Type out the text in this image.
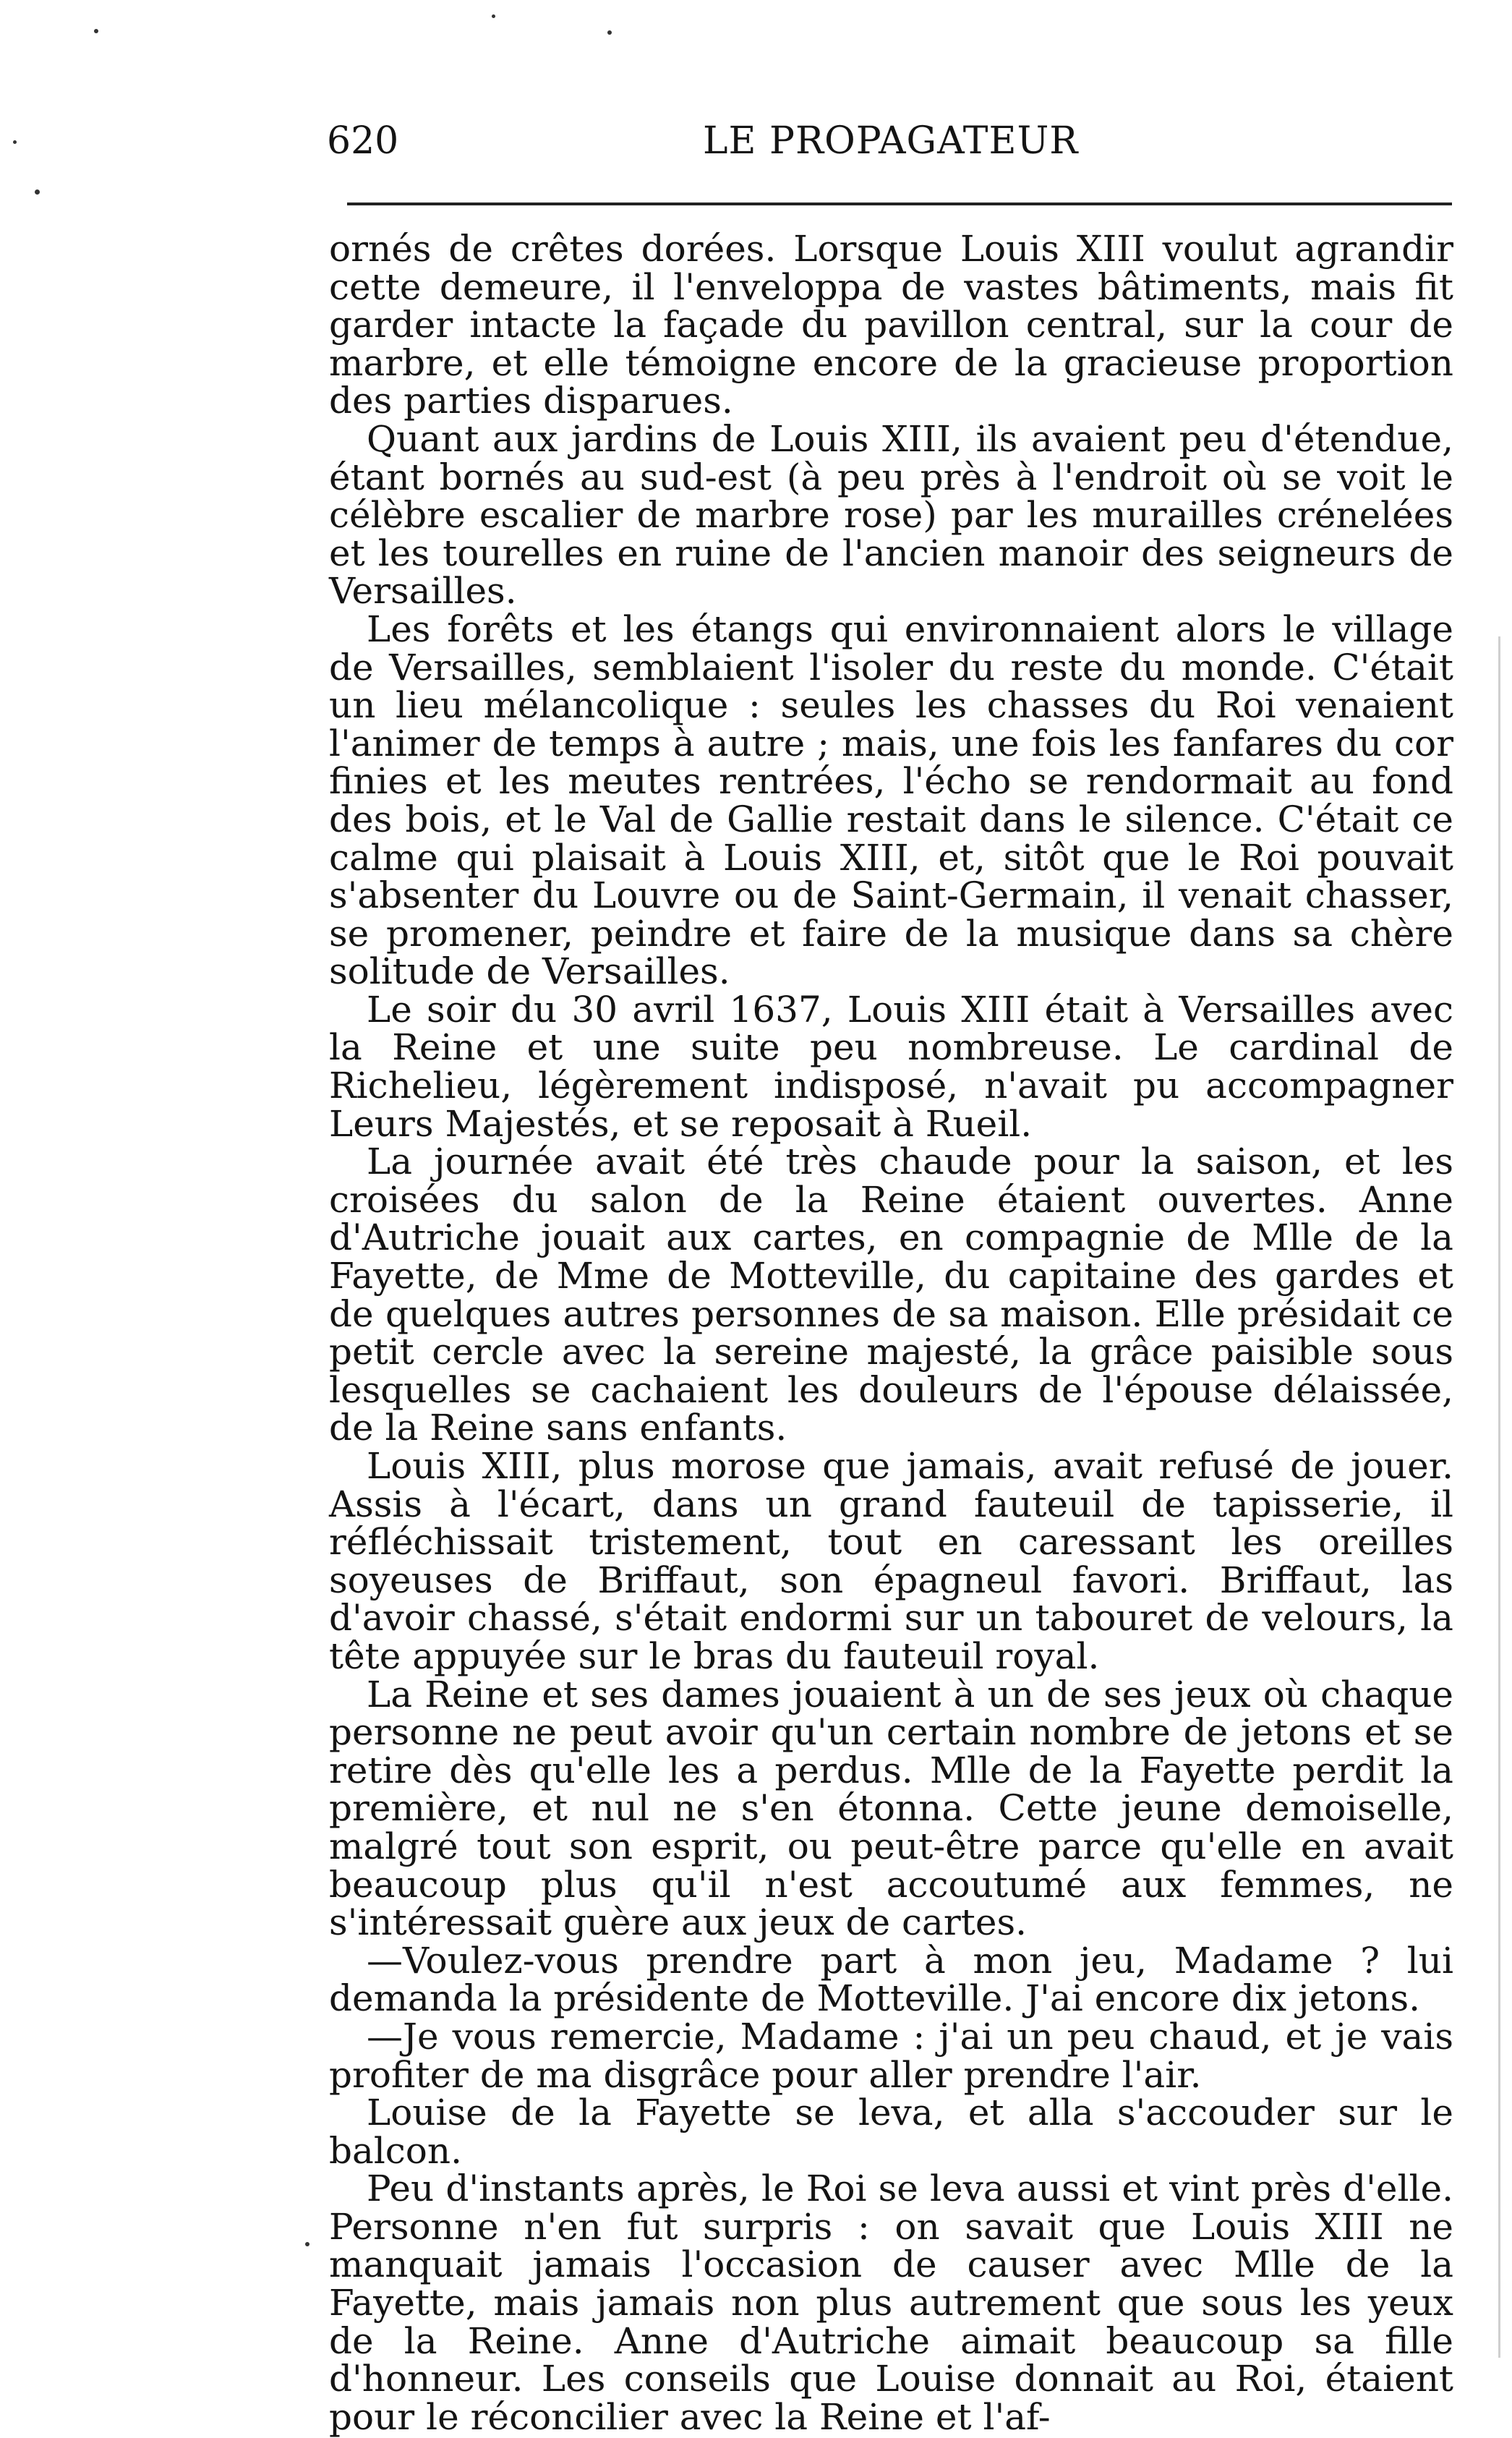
620	LE PROPAGATEUR

ornés de crêtes dorées. Lorsque Louis XIII voulut agrandir cette demeure, il l'enveloppa de vastes bâtiments, mais fit garder intacte la façade du pavillon central, sur la cour de marbre, et elle témoigne encore de la gracieuse proportion des parties disparues.

Quant aux jardins de Louis XIII, ils avaient peu d'étendue, étant bornés au sud-est (à peu près à l'endroit où se voit le célèbre escalier de marbre rose) par les murailles crénelées et les tourelles en ruine de l'ancien manoir des seigneurs de Versailles.

Les forêts et les étangs qui environnaient alors le village de Versailles, semblaient l'isoler du reste du monde. C'était un lieu mélancolique : seules les chasses du Roi venaient l'animer de temps à autre ; mais, une fois les fanfares du cor finies et les meutes rentrées, l'écho se rendormait au fond des bois, et le Val de Gallie restait dans le silence. C'était ce calme qui plaisait à Louis XIII, et, sitôt que le Roi pouvait s'absenter du Louvre ou de Saint-Germain, il venait chasser, se promener, peindre et faire de la musique dans sa chère solitude de Versailles.

Le soir du 30 avril 1637, Louis XIII était à Versailles avec la Reine et une suite peu nombreuse. Le cardinal de Richelieu, légèrement indisposé, n'avait pu accompagner Leurs Majestés, et se reposait à Rueil.

La journée avait été très chaude pour la saison, et les croisées du salon de la Reine étaient ouvertes. Anne d'Autriche jouait aux cartes, en compagnie de Mlle de la Fayette, de Mme de Motteville, du capitaine des gardes et de quelques autres personnes de sa maison. Elle présidait ce petit cercle avec la sereine majesté, la grâce paisible sous lesquelles se cachaient les douleurs de l'épouse délaissée, de la Reine sans enfants.

Louis XIII, plus morose que jamais, avait refusé de jouer. Assis à l'écart, dans un grand fauteuil de tapisserie, il réfléchissait tristement, tout en caressant les oreilles soyeuses de Briffaut, son épagneul favori. Briffaut, las d'avoir chassé, s'était endormi sur un tabouret de velours, la tête appuyée sur le bras du fauteuil royal.

La Reine et ses dames jouaient à un de ses jeux où chaque personne ne peut avoir qu'un certain nombre de jetons et se retire dès qu'elle les a perdus. Mlle de la Fayette perdit la première, et nul ne s'en étonna. Cette jeune demoiselle, malgré tout son esprit, ou peut-être parce qu'elle en avait beaucoup plus qu'il n'est accoutumé aux femmes, ne s'intéressait guère aux jeux de cartes.

—Voulez-vous prendre part à mon jeu, Madame ? lui demanda la présidente de Motteville. J'ai encore dix jetons.

—Je vous remercie, Madame : j'ai un peu chaud, et je vais profiter de ma disgrâce pour aller prendre l'air.

Louise de la Fayette se leva, et alla s'accouder sur le balcon.

Peu d'instants après, le Roi se leva aussi et vint près d'elle. Personne n'en fut surpris : on savait que Louis XIII ne manquait jamais l'occasion de causer avec Mlle de la Fayette, mais jamais non plus autrement que sous les yeux de la Reine. Anne d'Autriche aimait beaucoup sa fille d'honneur. Les conseils que Louise donnait au Roi, étaient pour le réconcilier avec la Reine et l'af-
